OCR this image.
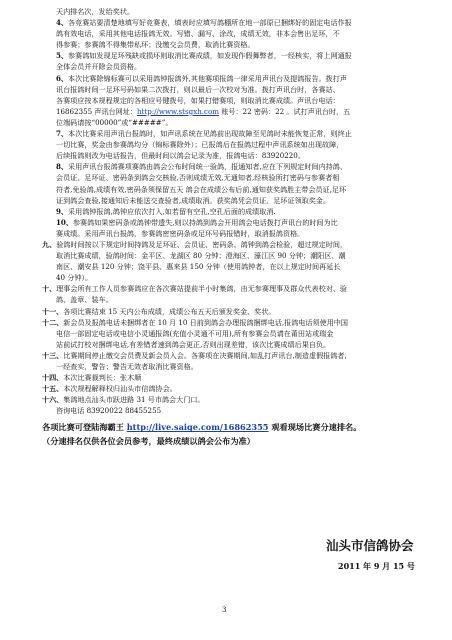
天内排名次，发给奖状。
4、各竞赛站要清楚地填写好竞赛表，填表时应填写鸽棚所在地一部原已捆绑好的固定电话作报
鸽有效电话，采用其他电话报鸽无效。写错、漏写、涂改，成绩无效，非本会售出足环，不
得参赛；参赛鸽不得集带私环；没缴交会员费，取消比赛资格。
5、参赛鸽如发现足环残缺或损坏则取消比赛成绩，如发现作假舞弊者，一经核实，将上网通报
全体会员并开除会员资格。
6、本次比赛除锦标赛可以采用鸽钟报鸽外,其他赛项报鸽一律采用声讯台及提鸽报告。拨打声
讯台报鸽时间一足环号码如果二次拨打，则以最后一次校对为准。拨打声讯台时，各赛站、
各赛项应按本规程规定的各相应号键拨号，如果打错赛项，则取消比赛成绩。声讯台电话：
16862355 声讯台网址：http://www.stsgxh.com 账号：22 密码：22 。试打声讯台时，五
位端码请按“00000”或“#####”。
7、本次比赛采用声讯台报鸽时，如声讯系统在见鸽前出现故障至见鸽时未能恢复正常，则终止
一切比赛，奖金由参赛鸽均分（锦标赛除外）；已报鸽后在报鸽过程中声讯系统如出现故障，
后续报鸽则改为电话报告，但最时间以鸽会记录为准，报鸽电话：83920220。
8、采用声讯台报鸽赛项赛鸽由鸽会公布时间统一验鸽，报通知者,应在下列规定时间内持鸽、
会员证、足环证、密码条到鸽会交核验,否则成绩无效,无通知者,经核验所打密码与参赛者相
符者,免验鸽,成绩有效,密码条须保留五天 鸽会在成绩公布后前,通知获奖鸽胜主带会员证,足环
证到鸽会查验,接通知后未能送交查验者,成绩取消。获奖鸽凭会员证、足环证领取奖金。
9、采用鸽钟报鸽,鸽钟应依次打入,如若留有空孔,空孔后面的成绩取消.
10、参赛鸽如果密码条或鸽钟带遗失,则以持鸽到鸽会开用鸽会电话拨打声讯台的时间为比
赛成绩。采用声讯台报鸽，参赛鸽密密码条或足环号码报错时，取消报鸽资格。
九、验鸽时间按以下规定时间持鸽及足环证、会员证、密码条、鸽钟到鸽会检验，超过规定时间，
取消比赛成绩，验鸽时间：金平区、龙湖区 80 分钟；澄海区、濠江区 90 分钟；潮阳区、潮
南区、潮安县 120 分钟；饶平县、惠来县 150 分钟（使用鸽钟者，在以上规定时间再延长
40 分钟）。
十、理事会所有工作人员参赛鸽应在各次赛站提前半小时集鸽，由无参赛理事及群众代表校对、验
鸽、盖章、装车。
十一、各项比赛结束 15 天内公布成绩，成绩公布五天后颁发奖金、奖状。
十二、新会员及报鸽电话未捆绑者在 10 月 10 日前到鸽会办理报鸽捆绑电话,报鸽电话须使用中国
电信一部固定电话或电信小灵通报鸽(充值小灵通不可用),所有参赛会员请在莆田站或瑞金
站前试打校对捆绑电话,有差错者速到鸽会更正,否则出现差错，该次比赛成绩后果自负。
十三、比赛期间停止缴交会员费及新会员入会。各赛项在决赛期间,如乱打声讯台,制造虚假报鸽者,
一经查实，警告；警告无效者取消比赛资格。
十四、本次比赛裁判长：张木顺
十五、本次规程解释权归汕头市信鸽协会。
十六、集鸽地点汕头市跃进路 31 号市鸽会大门口。
咨询电话 83920022 88455255
各项比赛可登陆海霸王 http://live.saige.com/16862355 观看现场比赛分速排名。
（分速排名仅供各位会员参考，最终成绩以鸽会公布为准）
汕头市信鸽协会
2011 年 9 月 15 号
3
